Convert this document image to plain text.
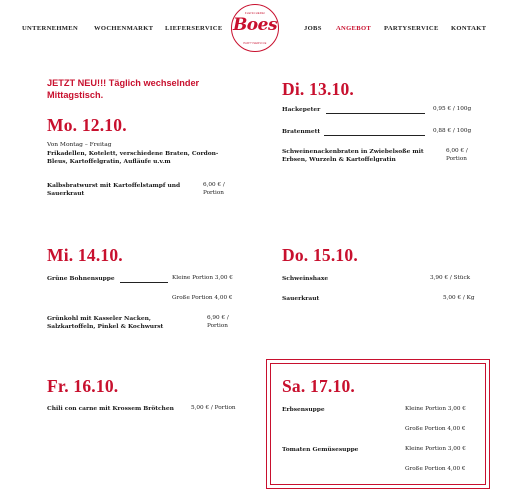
UNTERNEHMEN WOCHENMARKT LIEFERSERVICE
FLEISCHEREI
Boes
PARTYSERVICE
JOBS ANGEBOT PARTYSERVICE KONTAKT
JETZT NEU!!! Täglich wechselnder
Mittagstisch.
Mo. 12.10.
Von Montag – Freitag
Frikadellen, Kotelett, verschiedene Braten, Cordon-
Bleus, Kartoffelgratin, Aufläufe u.v.m
Kalbsbratwurst mit Kartoffelstampf und
Sauerkraut
6,00 € /
Portion
Di. 13.10.
Hackepeter	0,95 € / 100g
Bratenmett	0,88 € / 100g
Schweinenackenbraten in Zwiebelsoße mit
Erbsen, Wurzeln & Kartoffelgratin
6,00 € /
Portion
Mi. 14.10.
Grüne Bohnensuppe	Kleine Portion 3,00 €
Große Portion 4,00 €
Grünkohl mit Kasseler Nacken,
Salzkartoffeln, Pinkel & Kochwurst
6,90 € /
Portion
Do. 15.10.
Schweinshaxe	3,90 € / Stück
Sauerkraut	5,00 € / Kg
Fr. 16.10.
Chili con carne mit Krossem Brötchen	5,00 € / Portion
Sa. 17.10.
Erbsensuppe	Kleine Portion 3,00 €
Große Portion 4,00 €
Tomaten Gemüsesuppe	Kleine Portion 3,00 €
Große Portion 4,00 €
